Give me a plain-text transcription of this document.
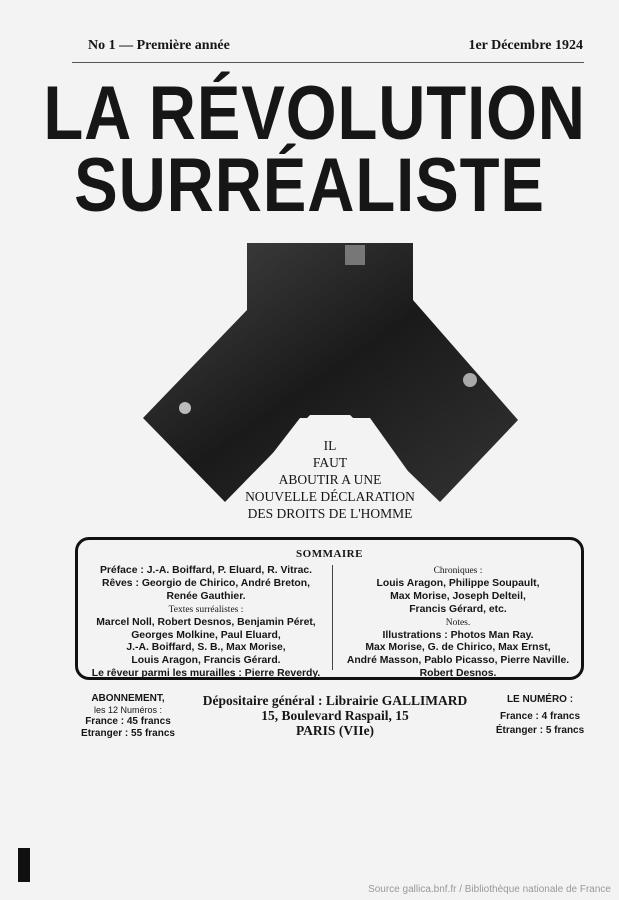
No 1 — Première année	1er Décembre 1924
LA RÉVOLUTION
SURRÉALISTE
IL
FAUT
ABOUTIR A UNE
NOUVELLE DÉCLARATION
DES DROITS DE L'HOMME
SOMMAIRE
Préface : J.-A. Boiffard, P. Eluard, R. Vitrac.
Rêves : Georgio de Chirico, André Breton,
Renée Gauthier.
Textes surréalistes :
Marcel Noll, Robert Desnos, Benjamin Péret,
Georges Molkine, Paul Eluard,
J.-A. Boiffard, S. B., Max Morise,
Louis Aragon, Francis Gérard.
Le rêveur parmi les murailles : Pierre Reverdy.
Chroniques :
Louis Aragon, Philippe Soupault,
Max Morise, Joseph Delteil,
Francis Gérard, etc.
Notes.
Illustrations : Photos Man Ray.
Max Morise, G. de Chirico, Max Ernst,
André Masson, Pablo Picasso, Pierre Naville.
Robert Desnos.
ABONNEMENT,
les 12 Numéros :
France : 45 francs
Etranger : 55 francs
Dépositaire général : Librairie GALLIMARD
15, Boulevard Raspail, 15
PARIS (VIIe)
LE NUMÉRO :
France : 4 francs
Étranger : 5 francs
Source gallica.bnf.fr / Bibliothèque nationale de France
